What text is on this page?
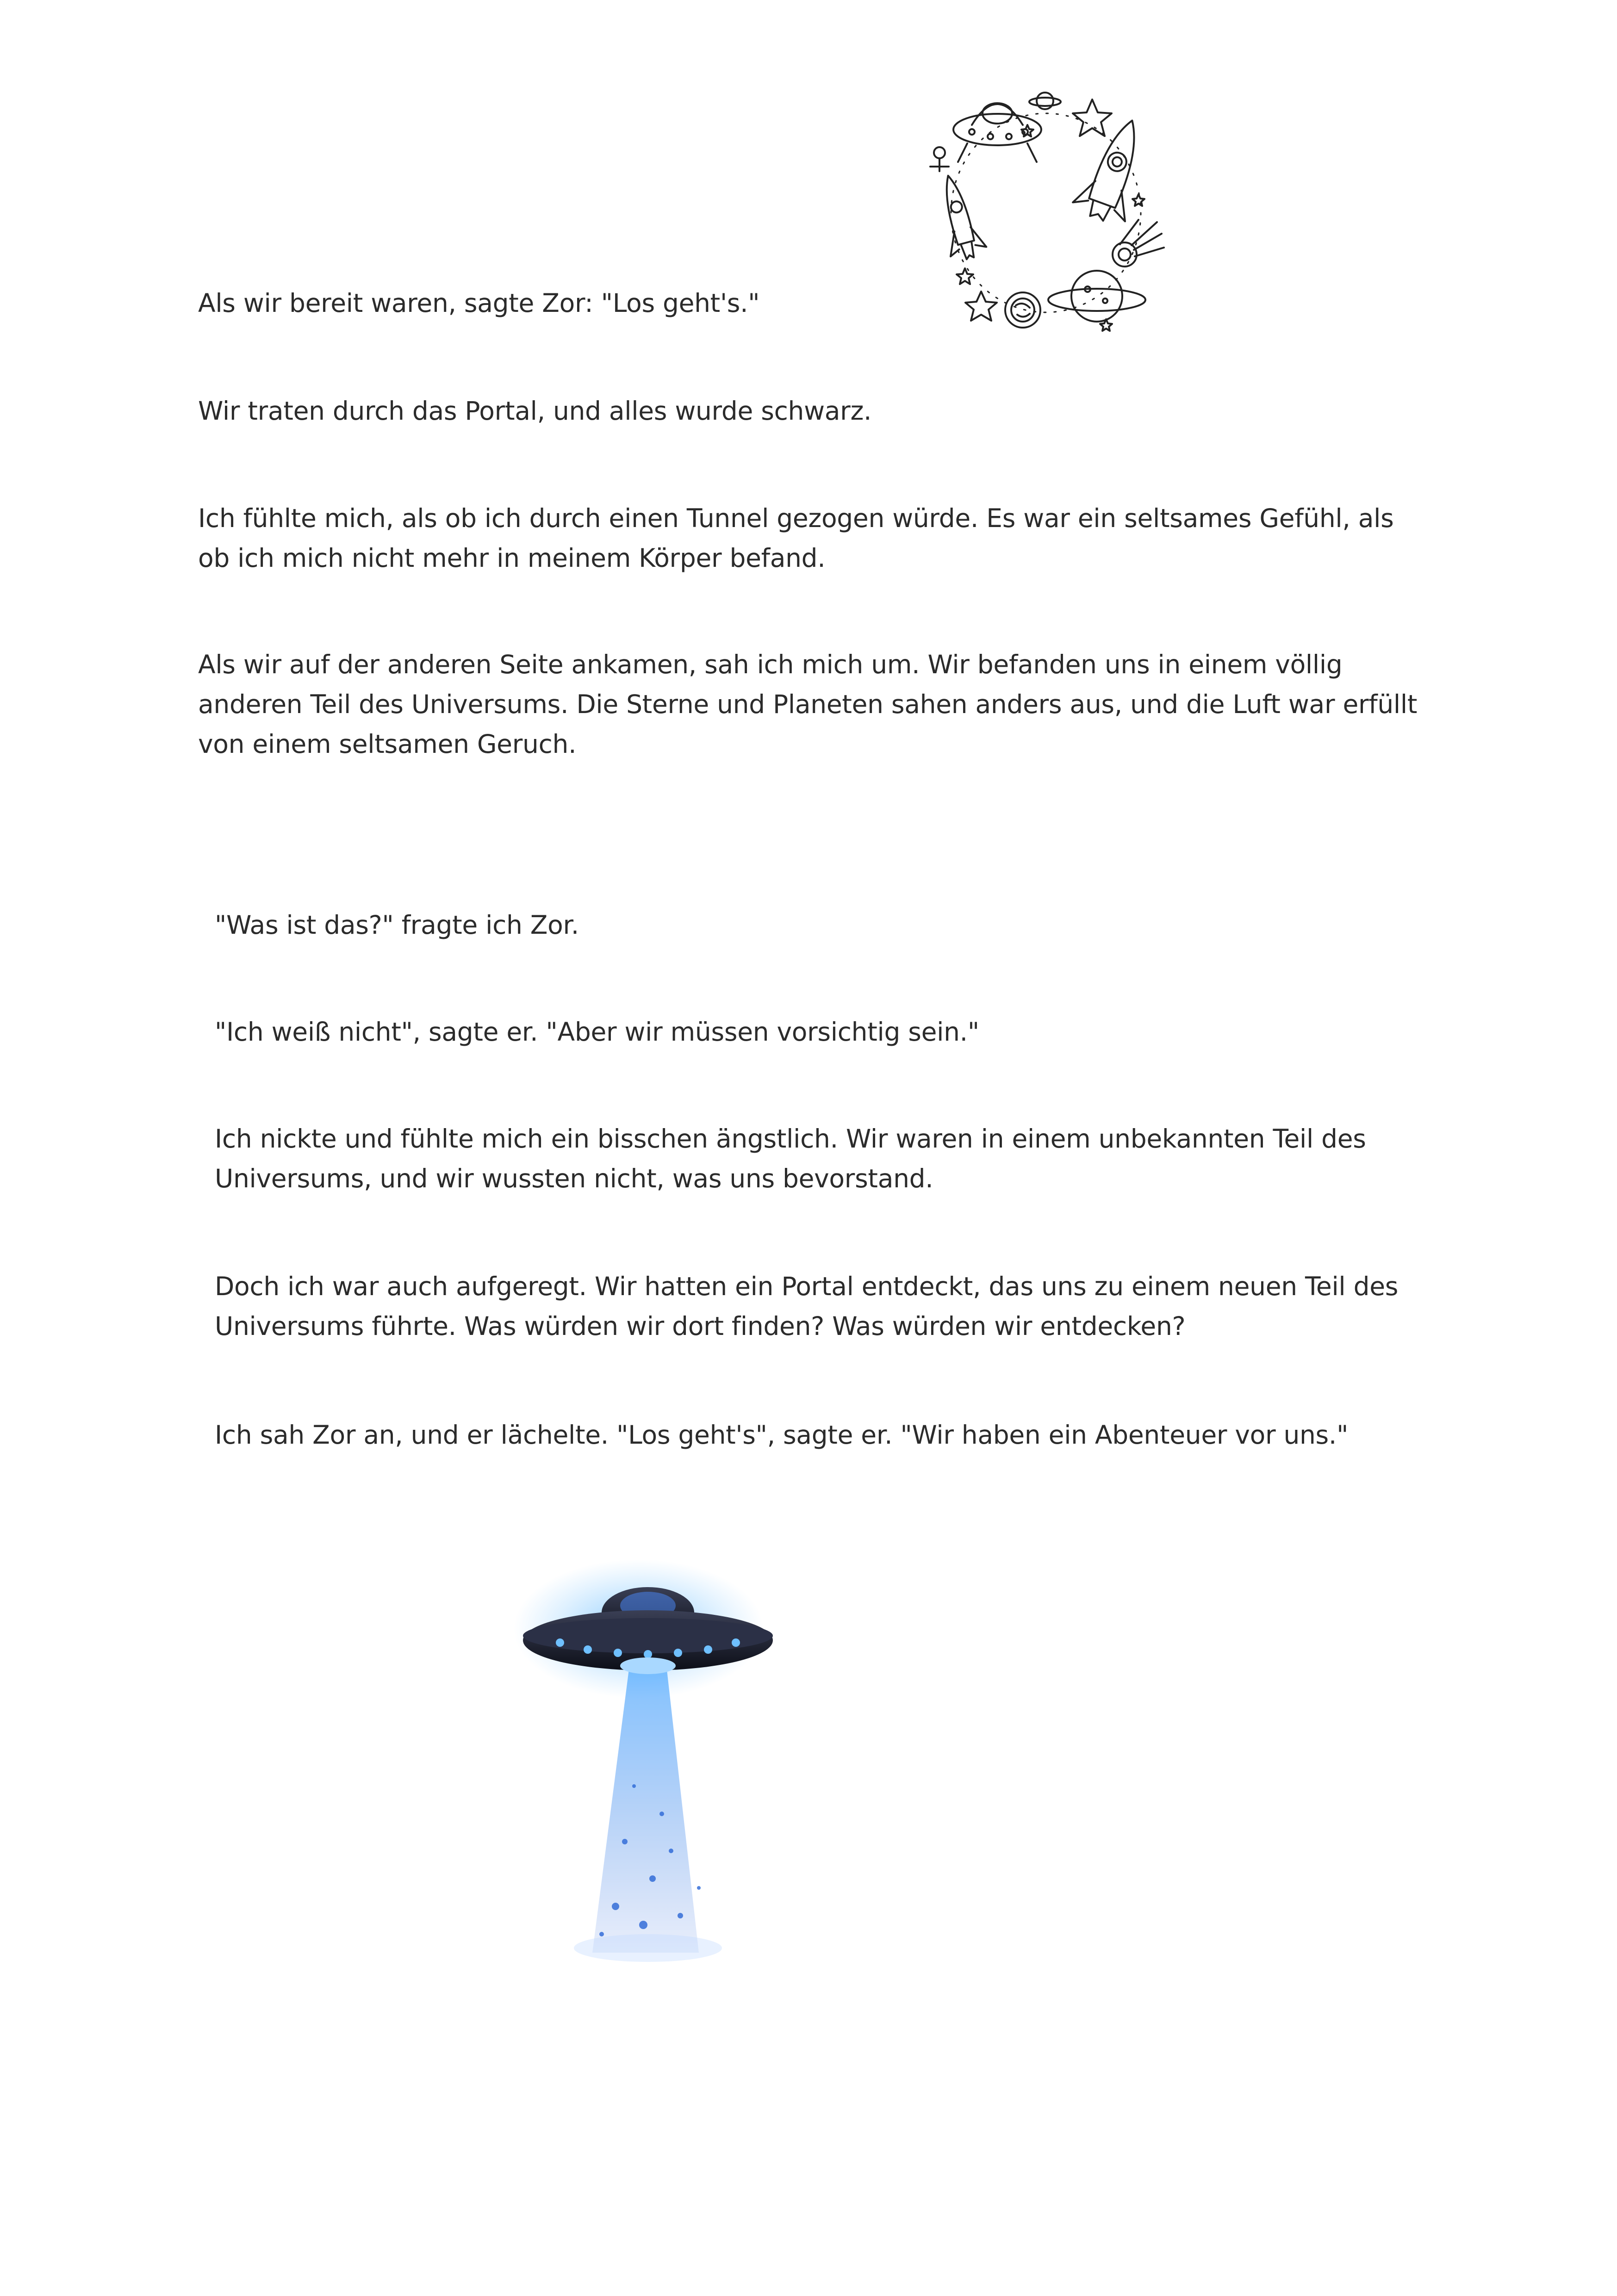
Als wir bereit waren, sagte Zor: "Los geht's."

Wir traten durch das Portal, und alles wurde schwarz.

Ich fühlte mich, als ob ich durch einen Tunnel gezogen würde. Es war ein seltsames Gefühl, als ob ich mich nicht mehr in meinem Körper befand.

Als wir auf der anderen Seite ankamen, sah ich mich um. Wir befanden uns in einem völlig anderen Teil des Universums. Die Sterne und Planeten sahen anders aus, und die Luft war erfüllt von einem seltsamen Geruch.

"Was ist das?" fragte ich Zor.

"Ich weiß nicht", sagte er. "Aber wir müssen vorsichtig sein."

Ich nickte und fühlte mich ein bisschen ängstlich. Wir waren in einem unbekannten Teil des Universums, und wir wussten nicht, was uns bevorstand.

Doch ich war auch aufgeregt. Wir hatten ein Portal entdeckt, das uns zu einem neuen Teil des Universums führte. Was würden wir dort finden? Was würden wir entdecken?

Ich sah Zor an, und er lächelte. "Los geht's", sagte er. "Wir haben ein Abenteuer vor uns."
